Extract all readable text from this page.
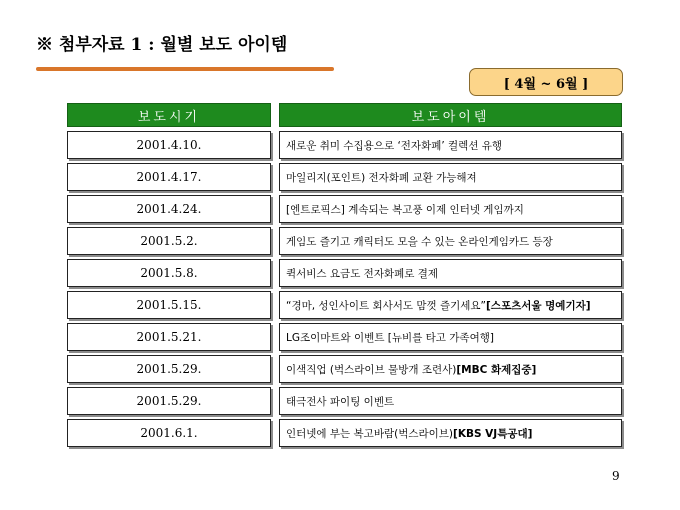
※ 첨부자료 1 : 월별 보도 아이템
[ 4월 ~ 6월 ]
보도시기	보도아이템
2001.4.10.	새로운 취미 수집용으로 ‘전자화폐’ 컬렉션 유행
2001.4.17.	마일리지(포인트) 전자화폐 교환 가능해져
2001.4.24.	[엔트로픽스] 계속되는 복고풍 이제 인터넷 게임까지
2001.5.2.	게임도 즐기고 캐릭터도 모을 수 있는 온라인게임카드 등장
2001.5.8.	퀵서비스 요금도 전자화폐로 결제
2001.5.15.	“경마, 성인사이트 회사서도 맘껏 즐기세요” [스포츠서울 명예기자]
2001.5.21.	LG조이마트와 이벤트 [뉴비를 타고 가족여행]
2001.5.29.	이색직업 (벅스라이브 물방개 조련사) [MBC 화제집중]
2001.5.29.	태극전사 파이팅 이벤트
2001.6.1.	인터넷에 부는 복고바람(벅스라이브) [KBS VJ특공대]
9
